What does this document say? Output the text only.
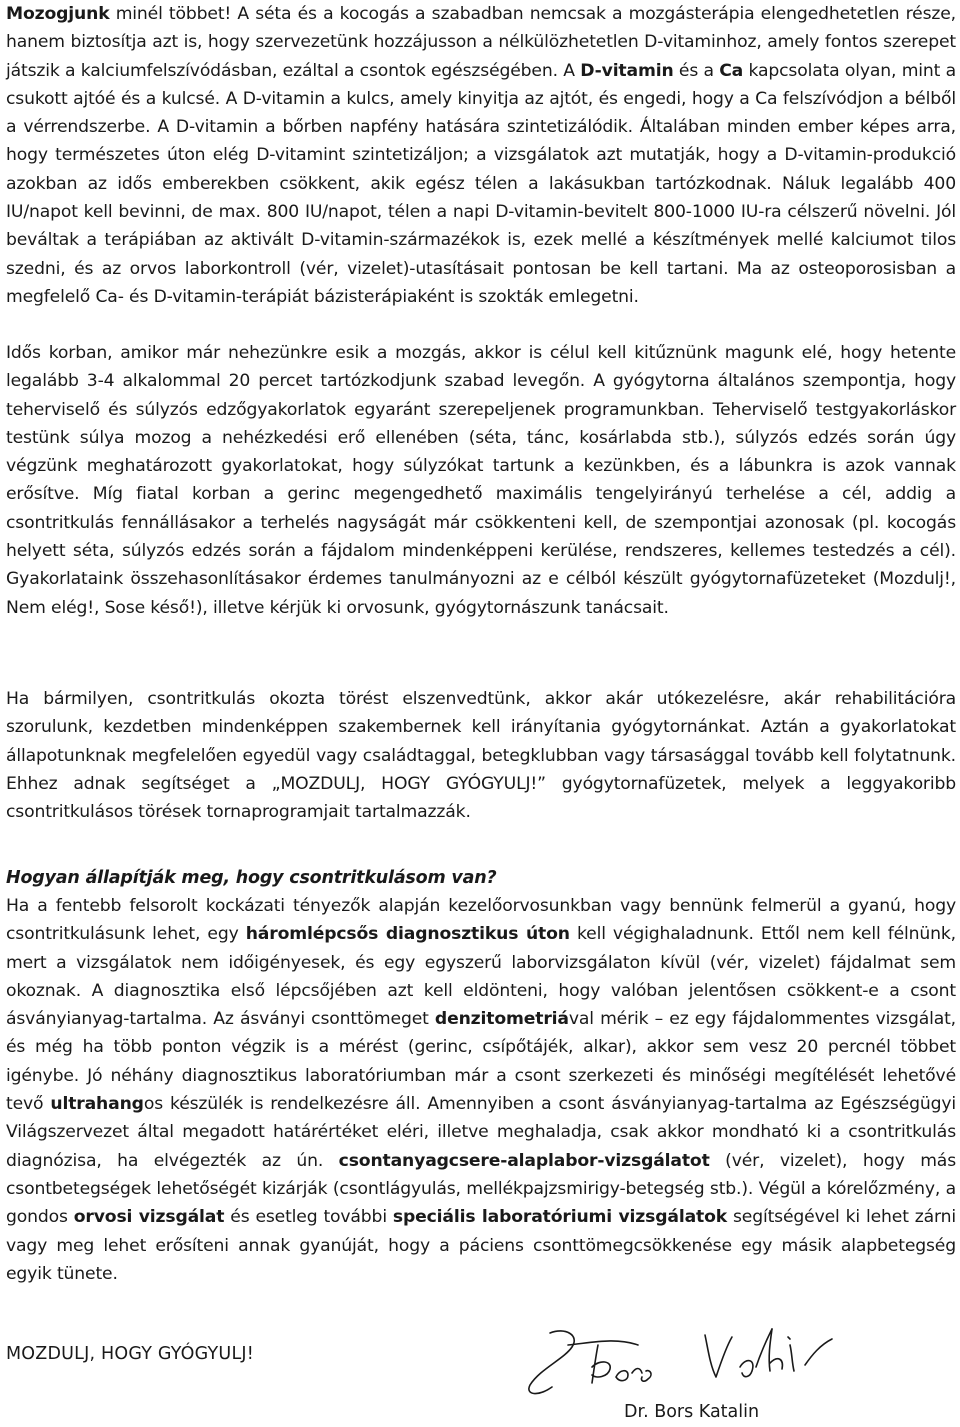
Mozogjunk minél többet! A séta és a kocogás a szabadban nemcsak a mozgásterápia elengedhetetlen része, hanem biztosítja azt is, hogy szervezetünk hozzájusson a nélkülözhetetlen D-vitaminhoz, amely fontos szerepet játszik a kalciumfelszívódásban, ezáltal a csontok egészségében. A D-vitamin és a Ca kapcsolata olyan, mint a csukott ajtóé és a kulcsé. A D-vitamin a kulcs, amely kinyitja az ajtót, és engedi, hogy a Ca felszívódjon a bélből a vérrendszerbe. A D-vitamin a bőrben napfény hatására szintetizálódik. Általában minden ember képes arra, hogy természetes úton elég D-vitamint szintetizáljon; a vizsgálatok azt mutatják, hogy a D-vitamin-produkció azokban az idős emberekben csökkent, akik egész télen a lakásukban tartózkodnak. Náluk legalább 400 IU/napot kell bevinni, de max. 800 IU/napot, télen a napi D-vitamin-bevitelt 800-1000 IU-ra célszerű növelni. Jól beváltak a terápiában az aktivált D-vitamin-származékok is, ezek mellé a készítmények mellé kalciumot tilos szedni, és az orvos laborkontroll (vér, vizelet)-utasításait pontosan be kell tartani. Ma az osteoporosisban a megfelelő Ca- és D-vitamin-terápiát bázisterápiaként is szokták emlegetni.

Idős korban, amikor már nehezünkre esik a mozgás, akkor is célul kell kitűznünk magunk elé, hogy hetente legalább 3-4 alkalommal 20 percet tartózkodjunk szabad levegőn. A gyógytorna általános szempontja, hogy teherviselő és súlyzós edzőgyakorlatok egyaránt szerepeljenek programunkban. Teherviselő testgyakorláskor testünk súlya mozog a nehézkedési erő ellenében (séta, tánc, kosárlabda stb.), súlyzós edzés során úgy végzünk meghatározott gyakorlatokat, hogy súlyzókat tartunk a kezünkben, és a lábunkra is azok vannak erősítve. Míg fiatal korban a gerinc megengedhető maximális tengelyirányú terhelése a cél, addig a csontritkulás fennállásakor a terhelés nagyságát már csökkenteni kell, de szempontjai azonosak (pl. kocogás helyett séta, súlyzós edzés során a fájdalom mindenképpeni kerülése, rendszeres, kellemes testedzés a cél). Gyakorlataink összehasonlításakor érdemes tanulmányozni az e célból készült gyógytornafüzeteket (Mozdulj!, Nem elég!, Sose késő!), illetve kérjük ki orvosunk, gyógytornászunk tanácsait.

Ha bármilyen, csontritkulás okozta törést elszenvedtünk, akkor akár utókezelésre, akár rehabilitációra szorulunk, kezdetben mindenképpen szakembernek kell irányítania gyógytornánkat. Aztán a gyakorlatokat állapotunknak megfelelően egyedül vagy családtaggal, betegklubban vagy társasággal tovább kell folytatnunk. Ehhez adnak segítséget a „MOZDULJ, HOGY GYÓGYULJ!” gyógytornafüzetek, melyek a leggyakoribb csontritkulásos törések tornaprogramjait tartalmazzák.

Hogyan állapítják meg, hogy csontritkulásom van?

Ha a fentebb felsorolt kockázati tényezők alapján kezelőorvosunkban vagy bennünk felmerül a gyanú, hogy csontritkulásunk lehet, egy háromlépcsős diagnosztikus úton kell végighaladnunk. Ettől nem kell félnünk, mert a vizsgálatok nem időigényesek, és egy egyszerű laborvizsgálaton kívül (vér, vizelet) fájdalmat sem okoznak. A diagnosztika első lépcsőjében azt kell eldönteni, hogy valóban jelentősen csökkent-e a csont ásványianyag-tartalma. Az ásványi csonttömeget denzitometriával mérik – ez egy fájdalommentes vizsgálat, és még ha több ponton végzik is a mérést (gerinc, csípőtájék, alkar), akkor sem vesz 20 percnél többet igénybe. Jó néhány diagnosztikus laboratóriumban már a csont szerkezeti és minőségi megítélését lehetővé tevő ultrahangos készülék is rendelkezésre áll. Amennyiben a csont ásványianyag-tartalma az Egészségügyi Világszervezet által megadott határértéket eléri, illetve meghaladja, csak akkor mondható ki a csontritkulás diagnózisa, ha elvégezték az ún. csontanyagcsere-alaplabor-vizsgálatot (vér, vizelet), hogy más csontbetegségek lehetőségét kizárják (csontlágyulás, mellékpajzsmirigy-betegség stb.). Végül a kórelőzmény, a gondos orvosi vizsgálat és esetleg további speciális laboratóriumi vizsgálatok segítségével ki lehet zárni vagy meg lehet erősíteni annak gyanúját, hogy a páciens csonttömegcsökkenése egy másik alapbetegség egyik tünete.

MOZDULJ, HOGY GYÓGYULJ!
Dr. Bors Katalin
